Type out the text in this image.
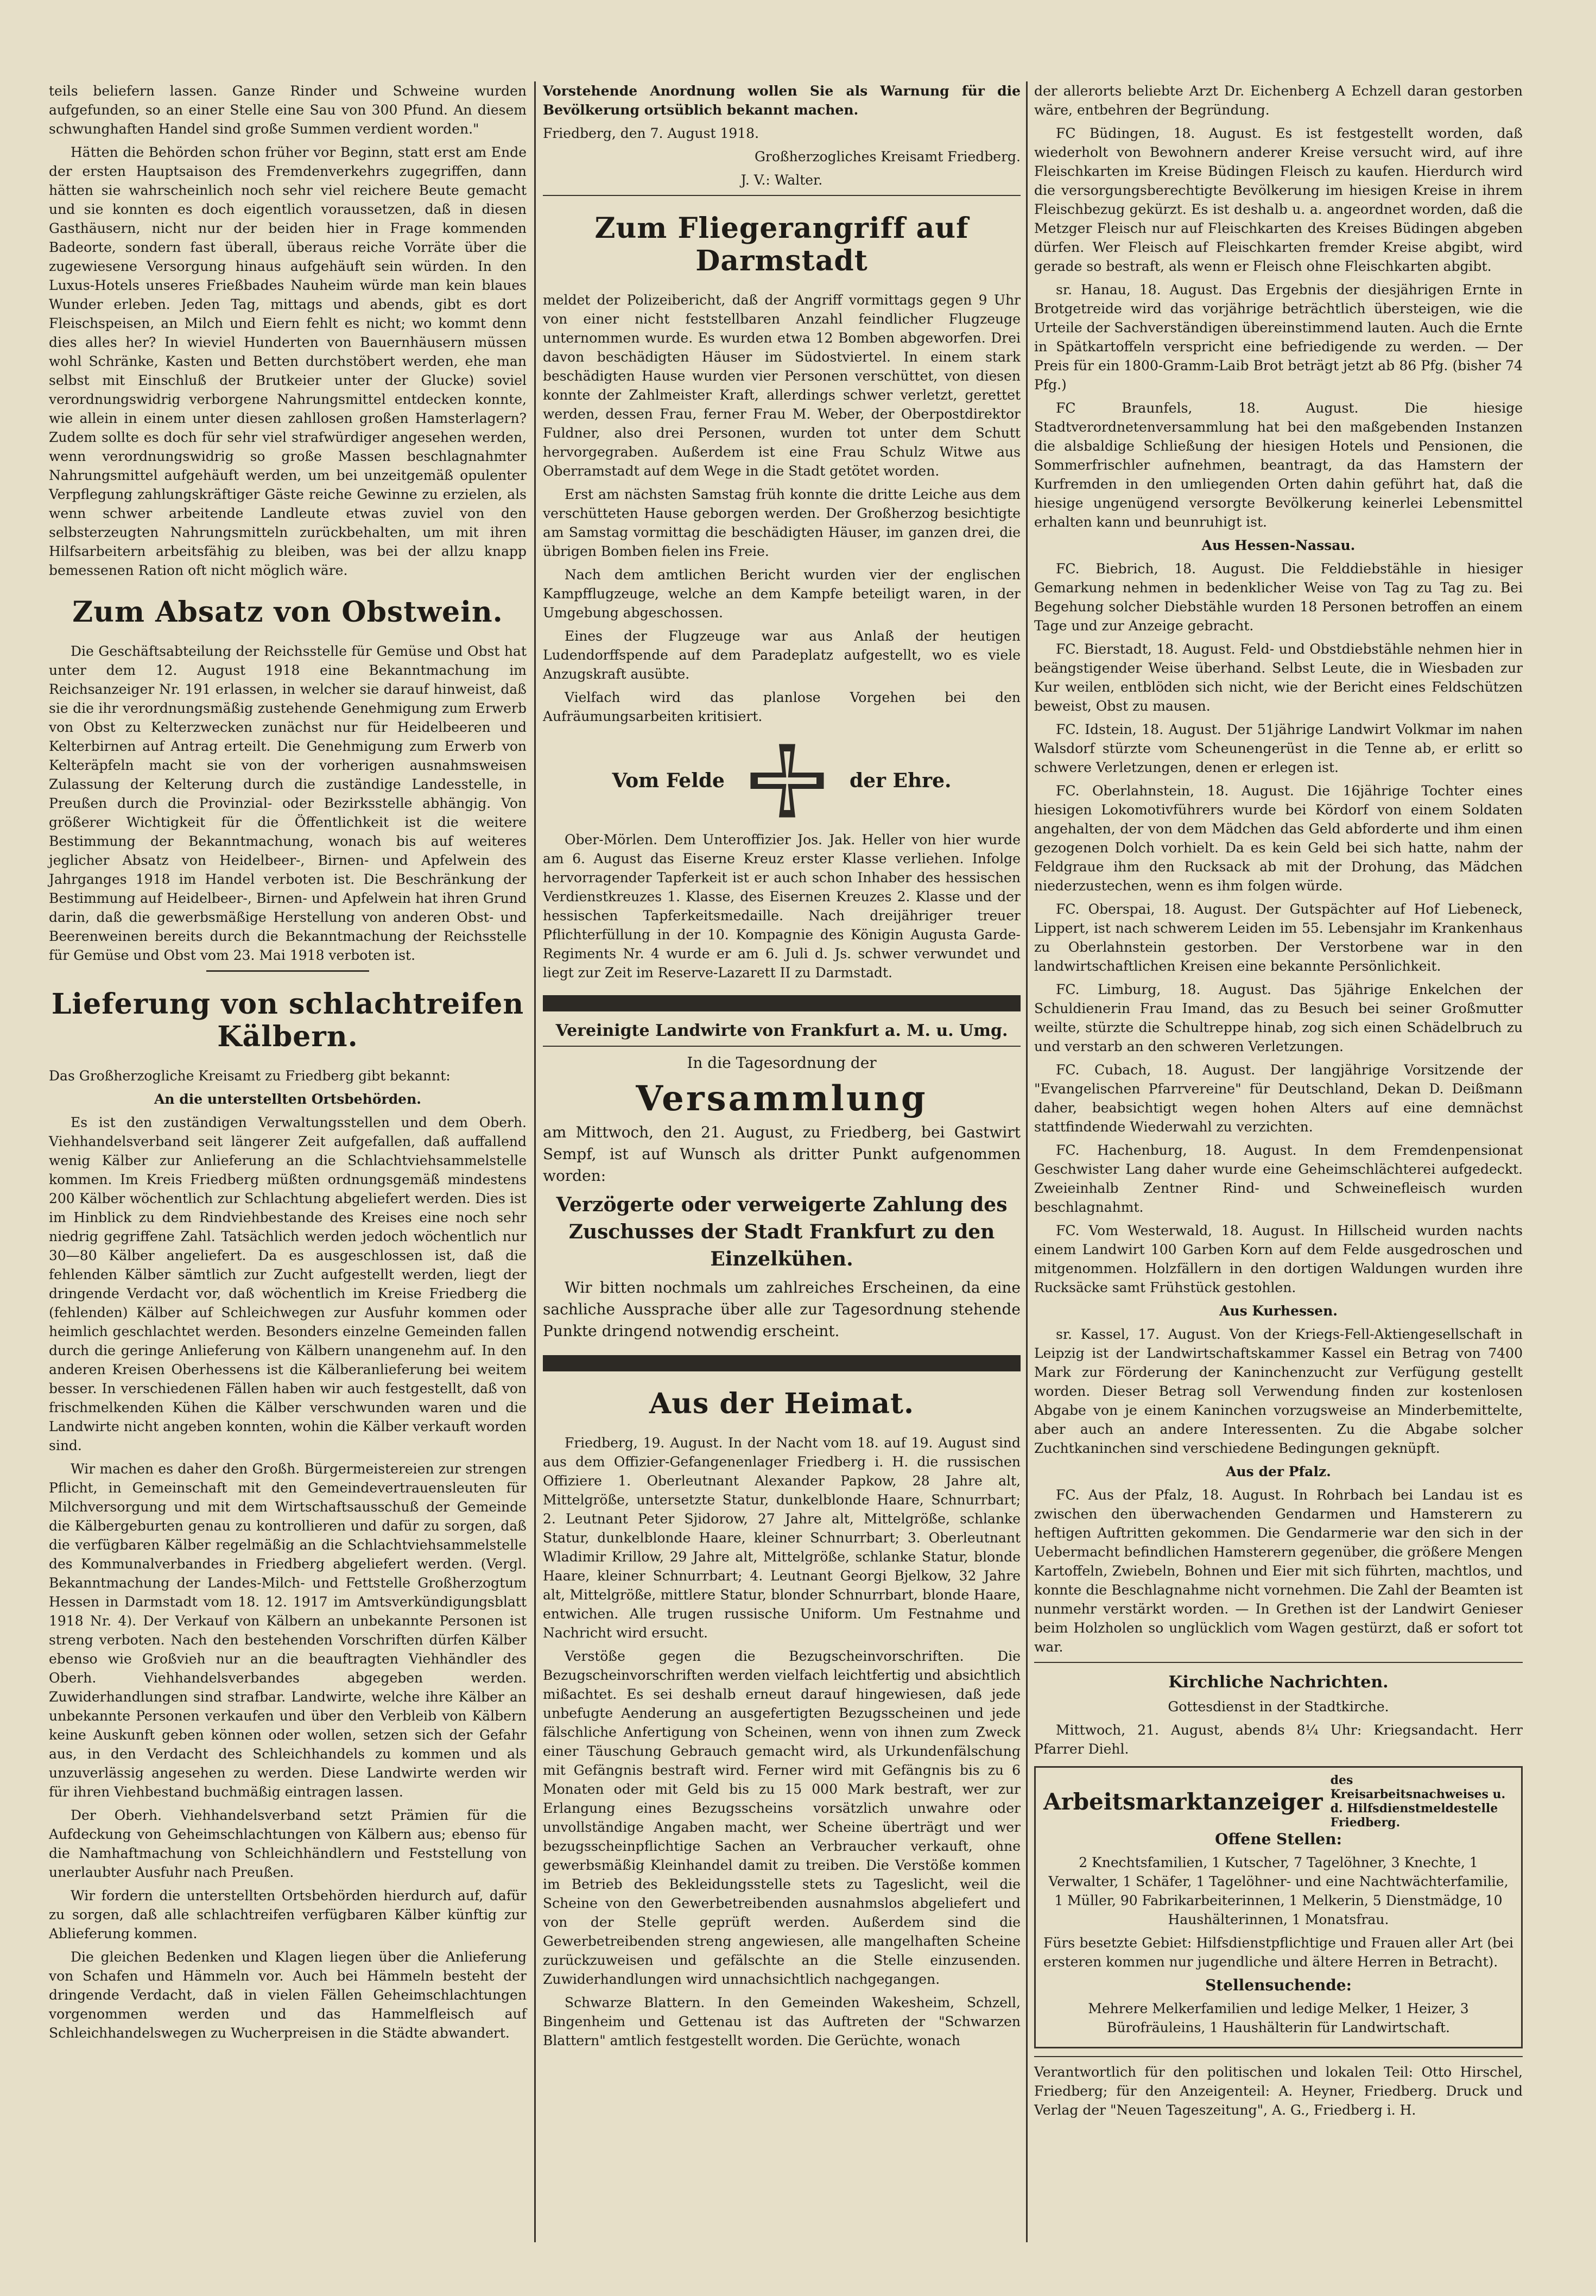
teils beliefern lassen. Ganze Rinder und Schweine wurden aufgefunden, so an einer Stelle eine Sau von 300 Pfund. An diesem schwunghaften Handel sind große Summen verdient worden."

Hätten die Behörden schon früher vor Beginn, statt erst am Ende der ersten Hauptsaison des Fremdenverkehrs zugegriffen, dann hätten sie wahrscheinlich noch sehr viel reichere Beute gemacht und sie konnten es doch eigentlich voraussetzen, daß in diesen Gasthäusern, nicht nur der beiden hier in Frage kommenden Badeorte, sondern fast überall, überaus reiche Vorräte über die zugewiesene Versorgung hinaus aufgehäuft sein würden. In den Luxus-Hotels unseres Frießbades Nauheim würde man kein blaues Wunder erleben. Jeden Tag, mittags und abends, gibt es dort Fleischspeisen, an Milch und Eiern fehlt es nicht; wo kommt denn dies alles her? In wieviel Hunderten von Bauernhäusern müssen wohl Schränke, Kasten und Betten durchstöbert werden, ehe man selbst mit Einschluß der Brutkeier unter der Glucke) soviel verordnungswidrig verborgene Nahrungsmittel entdecken konnte, wie allein in einem unter diesen zahllosen großen Hamsterlagern? Zudem sollte es doch für sehr viel strafwürdiger angesehen werden, wenn verordnungswidrig so große Massen beschlagnahmter Nahrungsmittel aufgehäuft werden, um bei unzeitgemäß opulenter Verpflegung zahlungskräftiger Gäste reiche Gewinne zu erzielen, als wenn schwer arbeitende Landleute etwas zuviel von den selbsterzeugten Nahrungsmitteln zurückbehalten, um mit ihren Hilfsarbeitern arbeitsfähig zu bleiben, was bei der allzu knapp bemessenen Ration oft nicht möglich wäre.

Zum Absatz von Obstwein.

Die Geschäftsabteilung der Reichsstelle für Gemüse und Obst hat unter dem 12. August 1918 eine Bekanntmachung im Reichsanzeiger Nr. 191 erlassen, in welcher sie darauf hinweist, daß sie die ihr verordnungsmäßig zustehende Genehmigung zum Erwerb von Obst zu Kelterzwecken zunächst nur für Heidelbeeren und Kelterbirnen auf Antrag erteilt. Die Genehmigung zum Erwerb von Kelteräpfeln macht sie von der vorherigen ausnahmsweisen Zulassung der Kelterung durch die zuständige Landesstelle, in Preußen durch die Provinzial- oder Bezirksstelle abhängig. Von größerer Wichtigkeit für die Öffentlichkeit ist die weitere Bestimmung der Bekanntmachung, wonach bis auf weiteres jeglicher Absatz von Heidelbeer-, Birnen- und Apfelwein des Jahrganges 1918 im Handel verboten ist. Die Beschränkung der Bestimmung auf Heidelbeer-, Birnen- und Apfelwein hat ihren Grund darin, daß die gewerbsmäßige Herstellung von anderen Obst- und Beerenweinen bereits durch die Bekanntmachung der Reichsstelle für Gemüse und Obst vom 23. Mai 1918 verboten ist.

Lieferung von schlachtreifen Kälbern.

Das Großherzogliche Kreisamt zu Friedberg gibt bekannt:

An die unterstellten Ortsbehörden.

Es ist den zuständigen Verwaltungsstellen und dem Oberh. Viehhandelsverband seit längerer Zeit aufgefallen, daß auffallend wenig Kälber zur Anlieferung an die Schlachtviehsammelstelle kommen. Im Kreis Friedberg müßten ordnungsgemäß mindestens 200 Kälber wöchentlich zur Schlachtung abgeliefert werden. Dies ist im Hinblick zu dem Rindviehbestande des Kreises eine noch sehr niedrig gegriffene Zahl. Tatsächlich werden jedoch wöchentlich nur 30—80 Kälber angeliefert. Da es ausgeschlossen ist, daß die fehlenden Kälber sämtlich zur Zucht aufgestellt werden, liegt der dringende Verdacht vor, daß wöchentlich im Kreise Friedberg die (fehlenden) Kälber auf Schleichwegen zur Ausfuhr kommen oder heimlich geschlachtet werden. Besonders einzelne Gemeinden fallen durch die geringe Anlieferung von Kälbern unangenehm auf. In den anderen Kreisen Oberhessens ist die Kälberanlieferung bei weitem besser. In verschiedenen Fällen haben wir auch festgestellt, daß von frischmelkenden Kühen die Kälber verschwunden waren und die Landwirte nicht angeben konnten, wohin die Kälber verkauft worden sind.

Wir machen es daher den Großh. Bürgermeistereien zur strengen Pflicht, in Gemeinschaft mit den Gemeindevertrauensleuten für Milchversorgung und mit dem Wirtschaftsausschuß der Gemeinde die Kälbergeburten genau zu kontrollieren und dafür zu sorgen, daß die verfügbaren Kälber regelmäßig an die Schlachtviehsammelstelle des Kommunalverbandes in Friedberg abgeliefert werden. (Vergl. Bekanntmachung der Landes-Milch- und Fettstelle Großherzogtum Hessen in Darmstadt vom 18. 12. 1917 im Amtsverkündigungsblatt 1918 Nr. 4). Der Verkauf von Kälbern an unbekannte Personen ist streng verboten. Nach den bestehenden Vorschriften dürfen Kälber ebenso wie Großvieh nur an die beauftragten Viehhändler des Oberh. Viehhandelsverbandes abgegeben werden. Zuwiderhandlungen sind strafbar. Landwirte, welche ihre Kälber an unbekannte Personen verkaufen und über den Verbleib von Kälbern keine Auskunft geben können oder wollen, setzen sich der Gefahr aus, in den Verdacht des Schleichhandels zu kommen und als unzuverlässig angesehen zu werden. Diese Landwirte werden wir für ihren Viehbestand buchmäßig eintragen lassen.

Der Oberh. Viehhandelsverband setzt Prämien für die Aufdeckung von Geheimschlachtungen von Kälbern aus; ebenso für die Namhaftmachung von Schleichhändlern und Feststellung von unerlaubter Ausfuhr nach Preußen.

Wir fordern die unterstellten Ortsbehörden hierdurch auf, dafür zu sorgen, daß alle schlachtreifen verfügbaren Kälber künftig zur Ablieferung kommen.

Die gleichen Bedenken und Klagen liegen über die Anlieferung von Schafen und Hämmeln vor. Auch bei Hämmeln besteht der dringende Verdacht, daß in vielen Fällen Geheimschlachtungen vorgenommen werden und das Hammelfleisch auf Schleichhandelswegen zu Wucherpreisen in die Städte abwandert.

Vorstehende Anordnung wollen Sie als Warnung für die Bevölkerung ortsüblich bekannt machen.

Friedberg, den 7. August 1918.

Großherzogliches Kreisamt Friedberg.

J. V.: Walter.

Zum Fliegerangriff auf Darmstadt

meldet der Polizeibericht, daß der Angriff vormittags gegen 9 Uhr von einer nicht feststellbaren Anzahl feindlicher Flugzeuge unternommen wurde. Es wurden etwa 12 Bomben abgeworfen. Drei davon beschädigten Häuser im Südostviertel. In einem stark beschädigten Hause wurden vier Personen verschüttet, von diesen konnte der Zahlmeister Kraft, allerdings schwer verletzt, gerettet werden, dessen Frau, ferner Frau M. Weber, der Oberpostdirektor Fuldner, also drei Personen, wurden tot unter dem Schutt hervorgegraben. Außerdem ist eine Frau Schulz Witwe aus Oberramstadt auf dem Wege in die Stadt getötet worden.

Erst am nächsten Samstag früh konnte die dritte Leiche aus dem verschütteten Hause geborgen werden. Der Großherzog besichtigte am Samstag vormittag die beschädigten Häuser, im ganzen drei, die übrigen Bomben fielen ins Freie.

Nach dem amtlichen Bericht wurden vier der englischen Kampfflugzeuge, welche an dem Kampfe beteiligt waren, in der Umgebung abgeschossen.

Eines der Flugzeuge war aus Anlaß der heutigen Ludendorffspende auf dem Paradeplatz aufgestellt, wo es viele Anzugskraft ausübte.

Vielfach wird das planlose Vorgehen bei den Aufräumungsarbeiten kritisiert.

Vom Felde	der Ehre.

Ober-Mörlen. Dem Unteroffizier Jos. Jak. Heller von hier wurde am 6. August das Eiserne Kreuz erster Klasse verliehen. Infolge hervorragender Tapferkeit ist er auch schon Inhaber des hessischen Verdienstkreuzes 1. Klasse, des Eisernen Kreuzes 2. Klasse und der hessischen Tapferkeitsmedaille. Nach dreijähriger treuer Pflichterfüllung in der 10. Kompagnie des Königin Augusta Garde-Regiments Nr. 4 wurde er am 6. Juli d. Js. schwer verwundet und liegt zur Zeit im Reserve-Lazarett II zu Darmstadt.

Vereinigte Landwirte von Frankfurt a. M. u. Umg.

In die Tagesordnung der

Versammlung

am Mittwoch, den 21. August, zu Friedberg, bei Gastwirt Sempf, ist auf Wunsch als dritter Punkt aufgenommen worden:

Verzögerte oder verweigerte Zahlung des Zuschusses der Stadt Frankfurt zu den Einzelkühen.

Wir bitten nochmals um zahlreiches Erscheinen, da eine sachliche Aussprache über alle zur Tagesordnung stehende Punkte dringend notwendig erscheint.

Aus der Heimat.

Friedberg, 19. August. In der Nacht vom 18. auf 19. August sind aus dem Offizier-Gefangenenlager Friedberg i. H. die russischen Offiziere 1. Oberleutnant Alexander Papkow, 28 Jahre alt, Mittelgröße, untersetzte Statur, dunkelblonde Haare, Schnurrbart; 2. Leutnant Peter Sjidorow, 27 Jahre alt, Mittelgröße, schlanke Statur, dunkelblonde Haare, kleiner Schnurrbart; 3. Oberleutnant Wladimir Krillow, 29 Jahre alt, Mittelgröße, schlanke Statur, blonde Haare, kleiner Schnurrbart; 4. Leutnant Georgi Bjelkow, 32 Jahre alt, Mittelgröße, mittlere Statur, blonder Schnurrbart, blonde Haare, entwichen. Alle trugen russische Uniform. Um Festnahme und Nachricht wird ersucht.

Verstöße gegen die Bezugscheinvorschriften. Die Bezugscheinvorschriften werden vielfach leichtfertig und absichtlich mißachtet. Es sei deshalb erneut darauf hingewiesen, daß jede unbefugte Aenderung an ausgefertigten Bezugsscheinen und jede fälschliche Anfertigung von Scheinen, wenn von ihnen zum Zweck einer Täuschung Gebrauch gemacht wird, als Urkundenfälschung mit Gefängnis bestraft wird. Ferner wird mit Gefängnis bis zu 6 Monaten oder mit Geld bis zu 15 000 Mark bestraft, wer zur Erlangung eines Bezugsscheins vorsätzlich unwahre oder unvollständige Angaben macht, wer Scheine überträgt und wer bezugsscheinpflichtige Sachen an Verbraucher verkauft, ohne gewerbsmäßig Kleinhandel damit zu treiben. Die Verstöße kommen im Betrieb des Bekleidungsstelle stets zu Tageslicht, weil die Scheine von den Gewerbetreibenden ausnahmslos abgeliefert und von der Stelle geprüft werden. Außerdem sind die Gewerbetreibenden streng angewiesen, alle mangelhaften Scheine zurückzuweisen und gefälschte an die Stelle einzusenden. Zuwiderhandlungen wird unnachsichtlich nachgegangen.

Schwarze Blattern. In den Gemeinden Wakesheim, Schzell, Bingenheim und Gettenau ist das Auftreten der "Schwarzen Blattern" amtlich festgestellt worden. Die Gerüchte, wonach

der allerorts beliebte Arzt Dr. Eichenberg A Echzell daran gestorben wäre, entbehren der Begründung.

FC Büdingen, 18. August. Es ist festgestellt worden, daß wiederholt von Bewohnern anderer Kreise versucht wird, auf ihre Fleischkarten im Kreise Büdingen Fleisch zu kaufen. Hierdurch wird die versorgungsberechtigte Bevölkerung im hiesigen Kreise in ihrem Fleischbezug gekürzt. Es ist deshalb u. a. angeordnet worden, daß die Metzger Fleisch nur auf Fleischkarten des Kreises Büdingen abgeben dürfen. Wer Fleisch auf Fleischkarten fremder Kreise abgibt, wird gerade so bestraft, als wenn er Fleisch ohne Fleischkarten abgibt.

sr. Hanau, 18. August. Das Ergebnis der diesjährigen Ernte in Brotgetreide wird das vorjährige beträchtlich übersteigen, wie die Urteile der Sachverständigen übereinstimmend lauten. Auch die Ernte in Spätkartoffeln verspricht eine befriedigende zu werden. — Der Preis für ein 1800-Gramm-Laib Brot beträgt jetzt ab 86 Pfg. (bisher 74 Pfg.)

FC Braunfels, 18. August. Die hiesige Stadtverordnetenversammlung hat bei den maßgebenden Instanzen die alsbaldige Schließung der hiesigen Hotels und Pensionen, die Sommerfrischler aufnehmen, beantragt, da das Hamstern der Kurfremden in den umliegenden Orten dahin geführt hat, daß die hiesige ungenügend versorgte Bevölkerung keinerlei Lebensmittel erhalten kann und beunruhigt ist.

Aus Hessen-Nassau.

FC. Biebrich, 18. August. Die Felddiebstähle in hiesiger Gemarkung nehmen in bedenklicher Weise von Tag zu Tag zu. Bei Begehung solcher Diebstähle wurden 18 Personen betroffen an einem Tage und zur Anzeige gebracht.

FC. Bierstadt, 18. August. Feld- und Obstdiebstähle nehmen hier in beängstigender Weise überhand. Selbst Leute, die in Wiesbaden zur Kur weilen, entblöden sich nicht, wie der Bericht eines Feldschützen beweist, Obst zu mausen.

FC. Idstein, 18. August. Der 51jährige Landwirt Volkmar im nahen Walsdorf stürzte vom Scheunengerüst in die Tenne ab, er erlitt so schwere Verletzungen, denen er erlegen ist.

FC. Oberlahnstein, 18. August. Die 16jährige Tochter eines hiesigen Lokomotivführers wurde bei Kördorf von einem Soldaten angehalten, der von dem Mädchen das Geld abforderte und ihm einen gezogenen Dolch vorhielt. Da es kein Geld bei sich hatte, nahm der Feldgraue ihm den Rucksack ab mit der Drohung, das Mädchen niederzustechen, wenn es ihm folgen würde.

FC. Oberspai, 18. August. Der Gutspächter auf Hof Liebeneck, Lippert, ist nach schwerem Leiden im 55. Lebensjahr im Krankenhaus zu Oberlahnstein gestorben. Der Verstorbene war in den landwirtschaftlichen Kreisen eine bekannte Persönlichkeit.

FC. Limburg, 18. August. Das 5jährige Enkelchen der Schuldienerin Frau Imand, das zu Besuch bei seiner Großmutter weilte, stürzte die Schultreppe hinab, zog sich einen Schädelbruch zu und verstarb an den schweren Verletzungen.

FC. Cubach, 18. August. Der langjährige Vorsitzende der "Evangelischen Pfarrvereine" für Deutschland, Dekan D. Deißmann daher, beabsichtigt wegen hohen Alters auf eine demnächst stattfindende Wiederwahl zu verzichten.

FC. Hachenburg, 18. August. In dem Fremdenpensionat Geschwister Lang daher wurde eine Geheimschlächterei aufgedeckt. Zweieinhalb Zentner Rind- und Schweinefleisch wurden beschlagnahmt.

FC. Vom Westerwald, 18. August. In Hillscheid wurden nachts einem Landwirt 100 Garben Korn auf dem Felde ausgedroschen und mitgenommen. Holzfällern in den dortigen Waldungen wurden ihre Rucksäcke samt Frühstück gestohlen.

Aus Kurhessen.

sr. Kassel, 17. August. Von der Kriegs-Fell-Aktiengesellschaft in Leipzig ist der Landwirtschaftskammer Kassel ein Betrag von 7400 Mark zur Förderung der Kaninchenzucht zur Verfügung gestellt worden. Dieser Betrag soll Verwendung finden zur kostenlosen Abgabe von je einem Kaninchen vorzugsweise an Minderbemittelte, aber auch an andere Interessenten. Zu die Abgabe solcher Zuchtkaninchen sind verschiedene Bedingungen geknüpft.

Aus der Pfalz.

FC. Aus der Pfalz, 18. August. In Rohrbach bei Landau ist es zwischen den überwachenden Gendarmen und Hamsterern zu heftigen Auftritten gekommen. Die Gendarmerie war den sich in der Uebermacht befindlichen Hamsterern gegenüber, die größere Mengen Kartoffeln, Zwiebeln, Bohnen und Eier mit sich führten, machtlos, und konnte die Beschlagnahme nicht vornehmen. Die Zahl der Beamten ist nunmehr verstärkt worden. — In Grethen ist der Landwirt Genieser beim Holzholen so unglücklich vom Wagen gestürzt, daß er sofort tot war.

Kirchliche Nachrichten.

Gottesdienst in der Stadtkirche.

Mittwoch, 21. August, abends 8¼ Uhr: Kriegsandacht. Herr Pfarrer Diehl.

Arbeitsmarktanzeiger
des Kreisarbeitsnachweises u. d. Hilfsdienstmeldestelle Friedberg.

Offene Stellen:

2 Knechtsfamilien, 1 Kutscher, 7 Tagelöhner, 3 Knechte, 1 Verwalter, 1 Schäfer, 1 Tagelöhner- und eine Nachtwächterfamilie, 1 Müller, 90 Fabrikarbeiterinnen, 1 Melkerin, 5 Dienstmädge, 10 Haushälterinnen, 1 Monatsfrau.

Fürs besetzte Gebiet: Hilfsdienstpflichtige und Frauen aller Art (bei ersteren kommen nur jugendliche und ältere Herren in Betracht).

Stellensuchende:

Mehrere Melkerfamilien und ledige Melker, 1 Heizer, 3 Bürofräuleins, 1 Haushälterin für Landwirtschaft.

Verantwortlich für den politischen und lokalen Teil: Otto Hirschel, Friedberg; für den Anzeigenteil: A. Heyner, Friedberg. Druck und Verlag der "Neuen Tageszeitung", A. G., Friedberg i. H.
